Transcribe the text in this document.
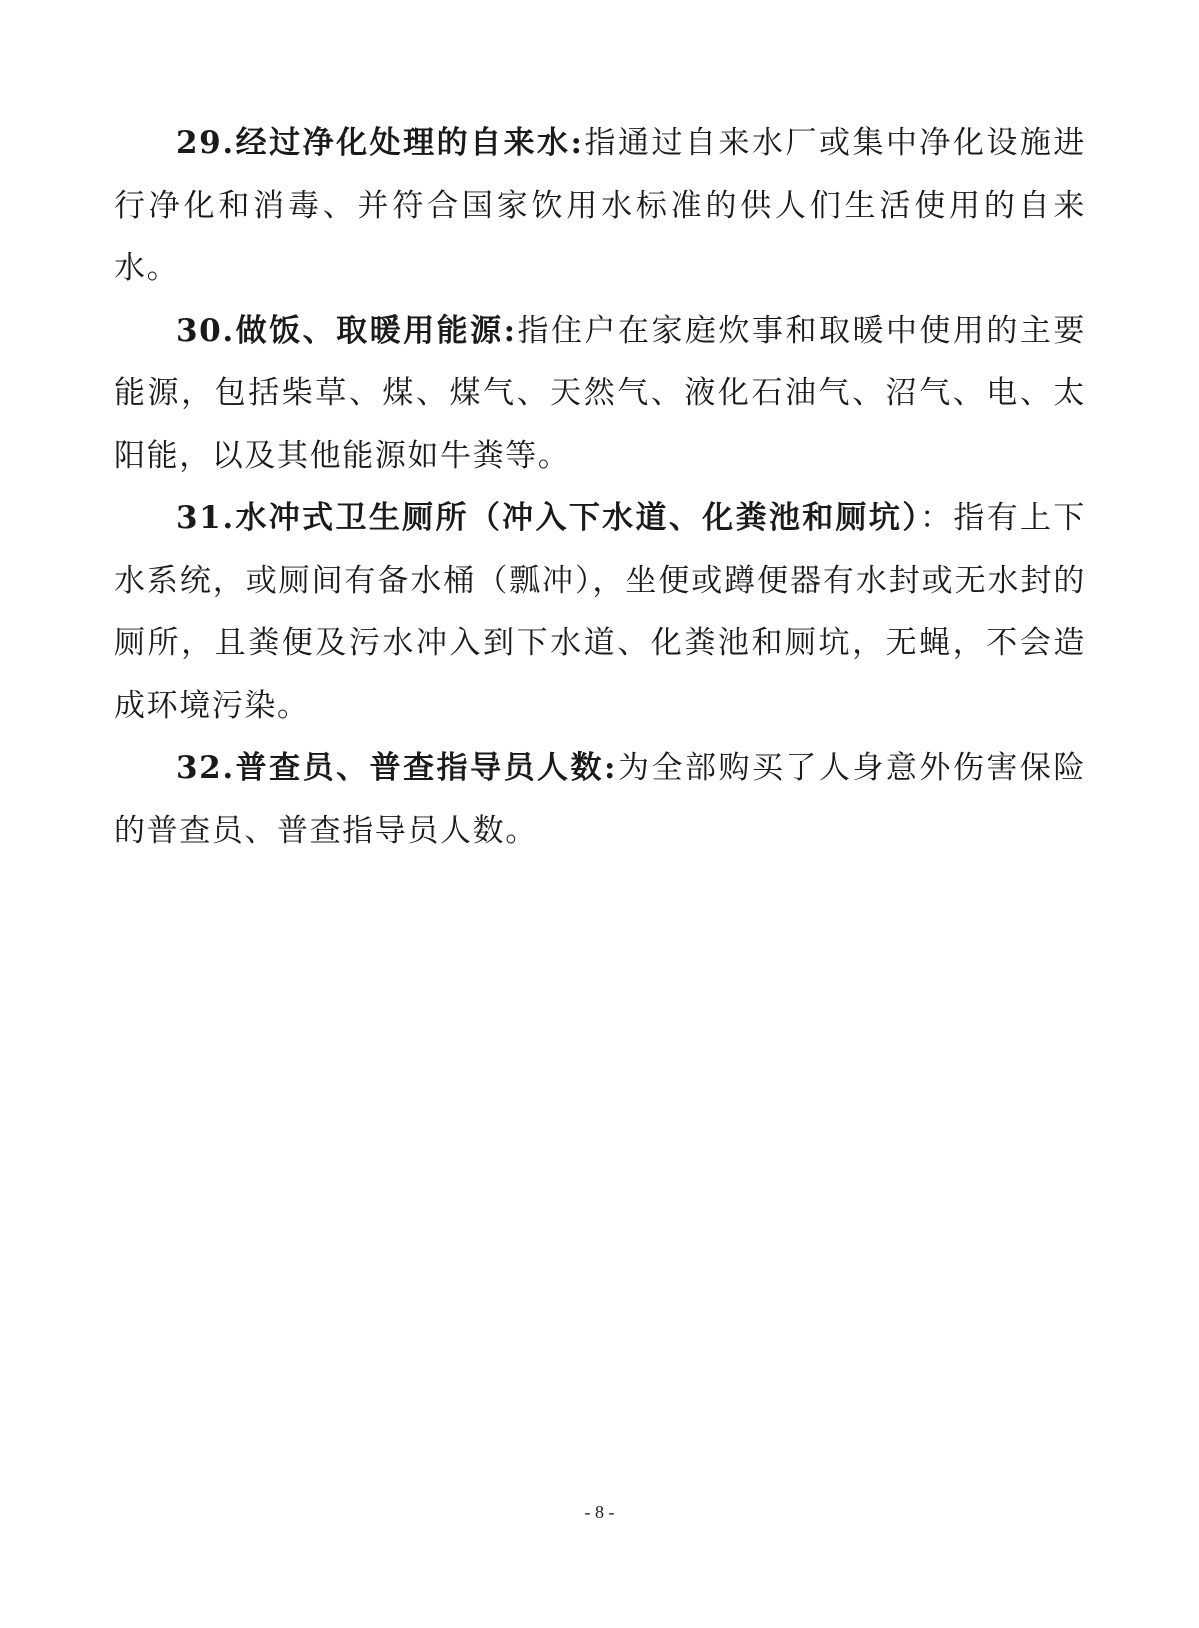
29.经过净化处理的自来水:指通过自来水厂或集中净化设施进行净化和消毒、并符合国家饮用水标准的供人们生活使用的自来水。

30.做饭、取暖用能源:指住户在家庭炊事和取暖中使用的主要能源，包括柴草、煤、煤气、天然气、液化石油气、沼气、电、太阳能，以及其他能源如牛粪等。

31.水冲式卫生厕所（冲入下水道、化粪池和厕坑）：指有上下水系统，或厕间有备水桶（瓢冲），坐便或蹲便器有水封或无水封的厕所，且粪便及污水冲入到下水道、化粪池和厕坑，无蝇，不会造成环境污染。

32.普查员、普查指导员人数:为全部购买了人身意外伤害保险的普查员、普查指导员人数。

- 8 -
